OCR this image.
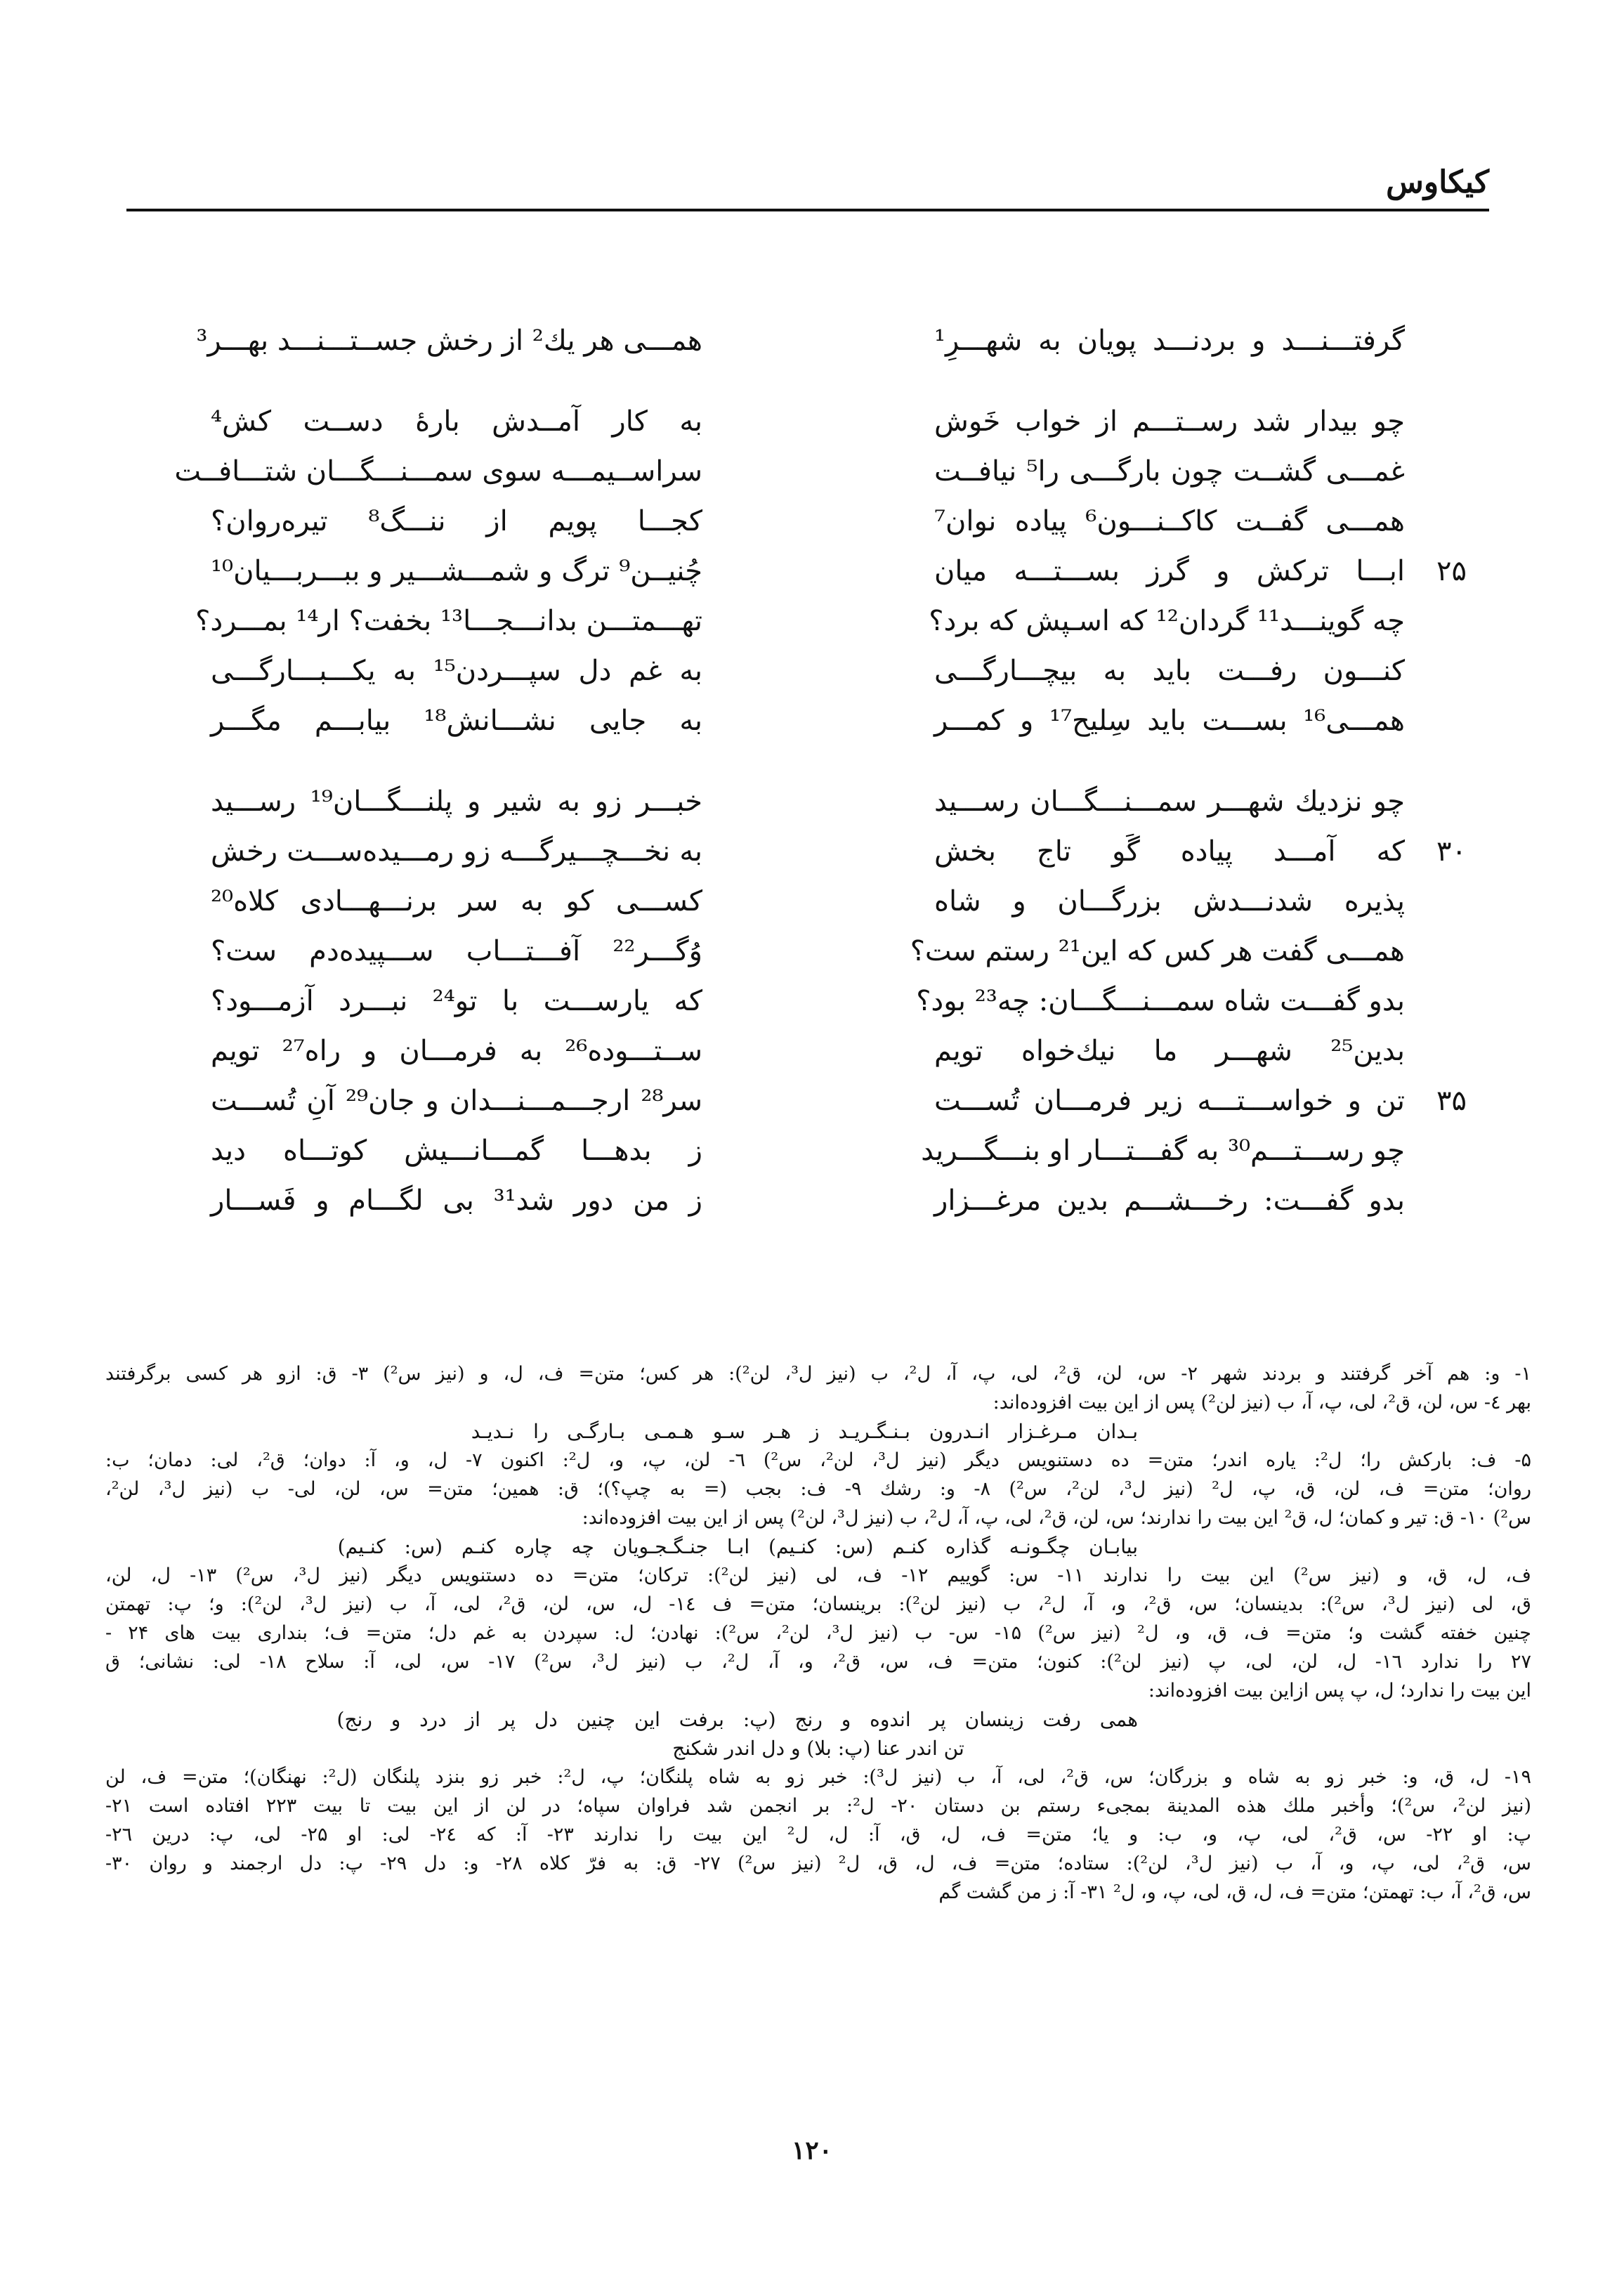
کیکاوس
گرفتـــنـــد و بردنـــد پویان به شهـــرِ¹
همـــی هر یك² از رخش جســتـــنـــد بهـــر³
چو بیدار شد رســتـــم از خواب خَوش
به کار آمــدش بارهٔ دســت کش⁴
غمـــی گشــت چون بارگـــی را⁵ نیافــت
سراســیمـــه سوی سمـــنـــگـــان شتـــافــت
همـــی گفــت کاکــنـــون⁶ پیاده نوان⁷
کجـــا پویم از ننـــگ⁸ تیره‌روان؟
۲۵
ابـــا ترکش و گرز بســـتـــه میان
چُنیــن⁹ ترگ و شمـــشـــیر و ببـــربـــیان¹⁰
چه گوینـــد¹¹ گردان¹² که اسـپش که برد؟
تهـــمتـــن بدانـــجـــا¹³ بخفت؟ ار¹⁴ بمـــرد؟
کنـــون رفـــت باید به بیچـــارگـــی
به غم دل سپـــردن¹⁵ به یکـــبـــارگـــی
همـــی¹⁶ بســـت باید سِلیح¹⁷ و کمـــر
به جایی نشـــانش¹⁸ بیابـــم مگـــر
چو نزدیك شهـــر سمـــنـــگـــان رســـید
خبـــر زو به شیر و پلنـــگـــان¹⁹ رســـید
۳۰
که آمـــد پیاده گَو تاج بخش
به نخـــچـــیرگـــه زو رمـــیده‌ســـت رخش
پذیره شدنـــدش بزرگـــان و شاه
کســـی کو به سر برنـــهـــادی کلاه²⁰
همـــی گفت هر کس که این²¹ رستم ست؟
وُگـــر²² آفـــتـــاب ســـپیده‌دم ست؟
بدو گفـــت شاه سمـــنـــگـــان: چه²³ بود؟
که یارســـت با تو²⁴ نبـــرد آزمـــود؟
بدین²⁵ شهـــر ما نیك‌خواه تویم
ســتـــوده²⁶ به فرمـــان و راه²⁷ تویم
۳۵
تن و خواســـتـــه زیر فرمـــان تُســـت
سر²⁸ ارجـــمـــنـــدان و جان²⁹ آنِ تُســـت
چو رســـتـــم³⁰ به گفـــتـــار او بنـــگـــرید
ز بدهـــا گمـــانـــیش کوتـــاه دید
بدو گفـــت: رخـــشـــم بدین مرغـــزار
ز من دور شد³¹ بی لگـــام و فَســـار
۱- و: هم آخر گرفتند و بردند شهر ۲- س، لن، ق²، لی، پ، آ، ل²، ب (نیز ل³، لن²): هر کس؛ متن= ف، ل، و (نیز س²) ۳- ق: ازو هر کسی برگرفتند
بهر ٤- س، لن، ق²، لی، پ، آ، ب (نیز لن²) پس از این بیت افزوده‌اند:
بـدان مـرغـزار انـدرون بـنـگـریـد ز هـر سـو هـمـی بـارگـی را نـدیـد
۵- ف: بارکش را؛ ل²: یاره اندر؛ متن= ده دستنویس دیگر (نیز ل³، لن²، س²) ٦- لن، پ، و، ل²: اکنون ۷- ل، و، آ: دوان؛ ق²، لی: دمان؛ ب:
روان؛ متن= ف، لن، ق، پ، ل² (نیز ل³، لن²، س²) ۸- و: رشك ۹- ف: بجب (= به چپ؟)؛ ق: همین؛ متن= س، لن، لی- ب (نیز ل³، لن²،
س²) ۱۰- ق: تیر و کمان؛ ل، ق² این بیت را ندارند؛ س، لن، ق²، لی، پ، آ، ل²، ب (نیز ل³، لن²) پس از این بیت افزوده‌اند:
بیابـان چگـونـه گذاره کنـم (س: کنـیم) ابـا جنـگـجـویان چه چاره کنـم (س: کنـیم)
ف، ل، ق، و (نیز س²) این بیت را ندارند ۱۱- س: گوییم ۱۲- ف، لی (نیز لن²): ترکان؛ متن= ده دستنویس دیگر (نیز ل³، س²) ۱۳- ل، لن،
ق، لی (نیز ل³، س²): بدینسان؛ س، ق²، و، آ، ل²، ب (نیز لن²): برینسان؛ متن= ف ۱٤- ل، س، لن، ق²، لی، آ، ب (نیز ل³، لن²): و؛ پ: تهمتن
چنین خفته گشت و؛ متن= ف، ق، و، ل² (نیز س²) ۱۵- س- ب (نیز ل³، لن²، س²): نهادن؛ ل: سپردن به غم دل؛ متن= ف؛ بنداری بیت های ۲۴ -
۲۷ را ندارد ۱٦- ل، لن، لی، پ (نیز لن²): کنون؛ متن= ف، س، ق²، و، آ، ل²، ب (نیز ل³، س²) ۱۷- س، لی، آ: سلاح ۱۸- لی: نشانی؛ ق
این بیت را ندارد؛ ل، پ پس ازاین بیت افزوده‌اند:
همی رفت زینسان پر اندوه و رنج (پ: برفت این چنین دل پر از درد و رنج)
تن اندر عنا (پ: بلا) و دل اندر شکنج
۱۹- ل، ق، و: خبر زو به شاه و بزرگان؛ س، ق²، لی، آ، ب (نیز ل³): خبر زو به شاه پلنگان؛ پ، ل²: خبر زو بنزد پلنگان (ل²: نهنگان)؛ متن= ف، لن
(نیز لن²، س²)؛ وأخبر ملك هذه المدینة بمجیء رستم بن دستان ۲۰- ل²: بر انجمن شد فراوان سپاه؛ در لن از این بیت تا بیت ۲۲۳ افتاده است ۲۱-
پ: او ۲۲- س، ق²، لی، پ، و، ب: و یا؛ متن= ف، ل، ق، آ: ل، ل² این بیت را ندارند ۲۳- آ: که ۲٤- لی: او ۲۵- لی، پ: درین ۲٦-
س، ق²، لی، پ، و، آ، ب (نیز ل³، لن²): ستاده؛ متن= ف، ل، ق، ل² (نیز س²) ۲۷- ق: به فرّ کلاه ۲۸- و: دل ۲۹- پ: دل ارجمند و روان ۳۰-
س، ق²، آ، ب: تهمتن؛ متن= ف، ل، ق، لی، پ، و، ل² ۳۱- آ: ز من گشت گم
۱۲۰
